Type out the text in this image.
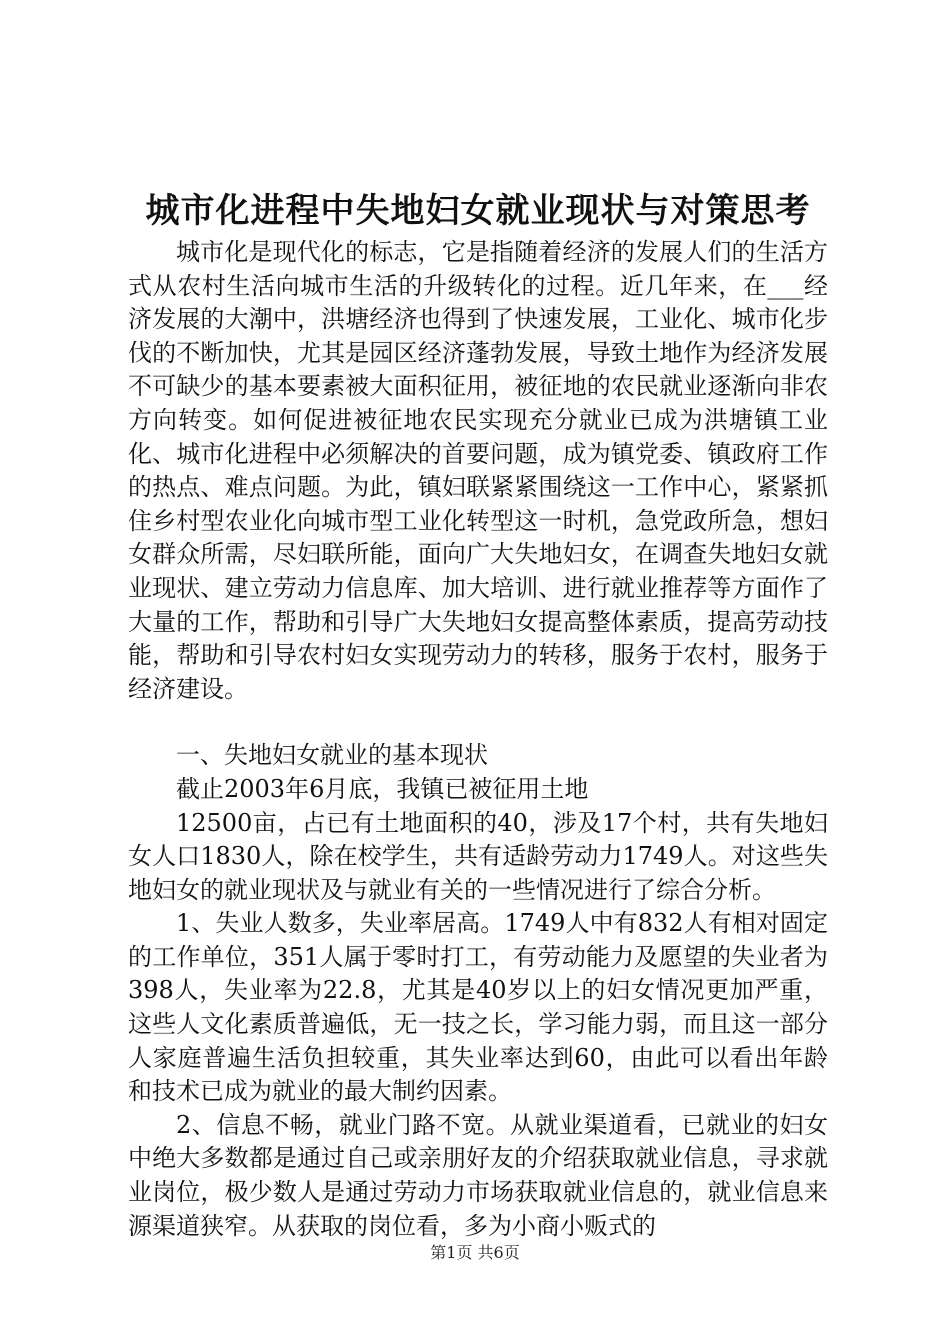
城市化进程中失地妇女就业现状与对策思考

城市化是现代化的标志，它是指随着经济的发展人们的生活方式从农村生活向城市生活的升级转化的过程。近几年来，在___经济发展的大潮中，洪塘经济也得到了快速发展，工业化、城市化步伐的不断加快，尤其是园区经济蓬勃发展，导致土地作为经济发展不可缺少的基本要素被大面积征用，被征地的农民就业逐渐向非农方向转变。如何促进被征地农民实现充分就业已成为洪塘镇工业化、城市化进程中必须解决的首要问题，成为镇党委、镇政府工作的热点、难点问题。为此，镇妇联紧紧围绕这一工作中心，紧紧抓住乡村型农业化向城市型工业化转型这一时机，急党政所急，想妇女群众所需，尽妇联所能，面向广大失地妇女，在调查失地妇女就业现状、建立劳动力信息库、加大培训、进行就业推荐等方面作了大量的工作，帮助和引导广大失地妇女提高整体素质，提高劳动技能，帮助和引导农村妇女实现劳动力的转移，服务于农村，服务于经济建设。

一、失地妇女就业的基本现状

截止2003年6月底，我镇已被征用土地

12500亩，占已有土地面积的40，涉及17个村，共有失地妇女人口1830人，除在校学生，共有适龄劳动力1749人。对这些失地妇女的就业现状及与就业有关的一些情况进行了综合分析。

1、失业人数多，失业率居高。1749人中有832人有相对固定的工作单位，351人属于零时打工，有劳动能力及愿望的失业者为398人，失业率为22.8，尤其是40岁以上的妇女情况更加严重，这些人文化素质普遍低，无一技之长，学习能力弱，而且这一部分人家庭普遍生活负担较重，其失业率达到60，由此可以看出年龄和技术已成为就业的最大制约因素。

2、信息不畅，就业门路不宽。从就业渠道看，已就业的妇女中绝大多数都是通过自己或亲朋好友的介绍获取就业信息，寻求就业岗位，极少数人是通过劳动力市场获取就业信息的，就业信息来源渠道狭窄。从获取的岗位看，多为小商小贩式的

第1页 共6页
